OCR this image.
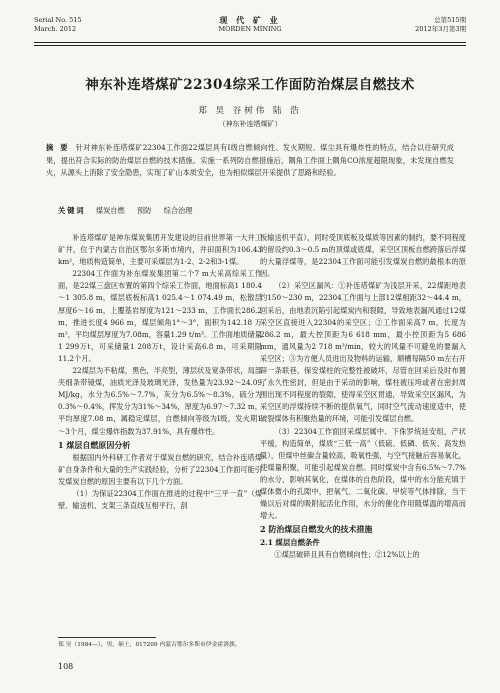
Serial No. 515
March. 2012
现 代 矿 业
MORDEN MINING
总第515期
2012年3月第3期
神东补连塔煤矿22304综采工作面防治煤层自燃技术
郑 昊 谷树伟 陆 浩
（神东补连塔煤矿）
摘 要 针对神东补连塔煤矿22304工作面22煤层具有Ⅰ级自燃倾向性、发火期短、煤尘具有爆炸性的特点，结合以往研究成果，提出符合实际的防治煤层自燃的技术措施。实施一系列防自燃措施后，隅角工作面上隅角CO浓度超限现象，未发现自燃发火，从源头上消除了安全隐患，实现了矿山本质安全，也为相似煤层开采提供了思路和经验。
关键词 煤炭自燃 预防 综合治理

补连塔煤矿是神东煤炭集团开发建设的目前世界第一大井工矿井，位于内蒙古自治区鄂尔多斯市境内，井田面积为106.43 km²，地质构造简单，主要可采煤层为1-2、2-2和3-1煤。

22304工作面为补东煤炭集团第二个7 m大采高综采工作面，是22煤三盘区布置的第四个综采工作面，地面标高1 180.4～1 305.8 m，煤层底板标高1 025.4～1 074.49 m，松散层厚度6～16 m，上覆基岩厚度为121～233 m，工作面长286.2 m，推进长度4 966 m，煤层倾角1°～3°，面积为142.18 万m²，平均煤层厚度为7.08m，容量1.29 t/m³。工作面地质储量1 299万t，可采储量1 208万t，设计采高6.8 m，可采期限11.2个月。

22煤层为不粘煤，黑色，半亮型，薄层状及宽条带状，局部夹细条带镜煤，油质光泽及玻璃光泽，发热量为23.92～24.09 MJ/kg，水分为6.5%～7.7%，灰分为6.5%～8.3%，硫分为0.3%～0.4%，挥发分为31%～34%，厚度为6.97～7.32 m，平均厚度7.08 m，属稳定煤层，自燃倾向等级为Ⅰ级，发火期1～3个月，煤尘爆炸指数为37.91%，具有爆炸性。

1 煤层自燃原因分析

根据国内外科研工作者对于煤炭自燃的研究，结合补连塔煤矿自身条件和大量的生产实践经验，分析了22304工作面可能引发煤炭自燃的原因主要有以下几个方面。

（1）为保证22304工作面在推进的过程中“三平一直”（煤壁、输送机、支架三条直线互相平行，刮

板输送机平直），同时受顶底板及煤质等因素的制约，要不同程度的留设约0.3～0.5 m的顶煤或底煤，采空区顶板自燃跨落后浮煤的大量浮煤等，是22304工作面可能引发煤炭自燃的最根本的原因。

（2）采空区漏风：①补连塔煤矿为浅层开采，22煤距地表约150～230 m，22304工作面与上部12煤相距32～44.4 m，回采后，由地表沉陷引起煤炭内和裂隙，导致地表漏风通过12煤采空区直接进入22304的采空区；②工作面采高7 m，长度为286.2 m，最大控顶距为6 618 mm，最小控顶距为5 686 mm，通风量为2 718 m³/min，较大的风量不可避免的要漏入采空区；③为方便人员进出及物料的运输，顺槽每隔50 m左右开辟一条联巷，保安煤柱的完整性被破坏，尽管在回采后及时布置了永久性密封，但是由于采动的影响，煤柱被压垮或者在密封周围出现不同程度的裂隙，使得采空区贯通，导致采空区漏风，为采空区的浮煤持续不断的提供氧气，同时空气流动速度适中，使破裂煤体有积聚热量的环境，可能引发煤层自燃。

（3）22304工作面回采煤层属中、下侏罗统延安组，产状平缓，构造简单，煤质“三低一高”（低硫、低磷、低灰、高发热量），但煤中丝碳含量较高，吸氧性强，与空气接触后容易氧化，使煤量积聚，可能引起煤炭自燃。同时煤炭中含有6.5%～7.7%的水分，影响其氧化，在煤体的自热阶段，煤中的水分能充填于煤体微小的孔隙中，把氧气、二氧化碳、甲烷等气体排除，当干燥以后对煤的吸附起活化作用，水分的催化作用随煤温的增高而增大。

2 防治煤层自燃发火的技术措施
2.1 煤层自燃条件

①煤层破碎且具有自燃倾向性；②12%以上的

郑 昊（1984—），男，硕士，017209 内蒙古鄂尔多斯市伊金霍洛旗。
108
